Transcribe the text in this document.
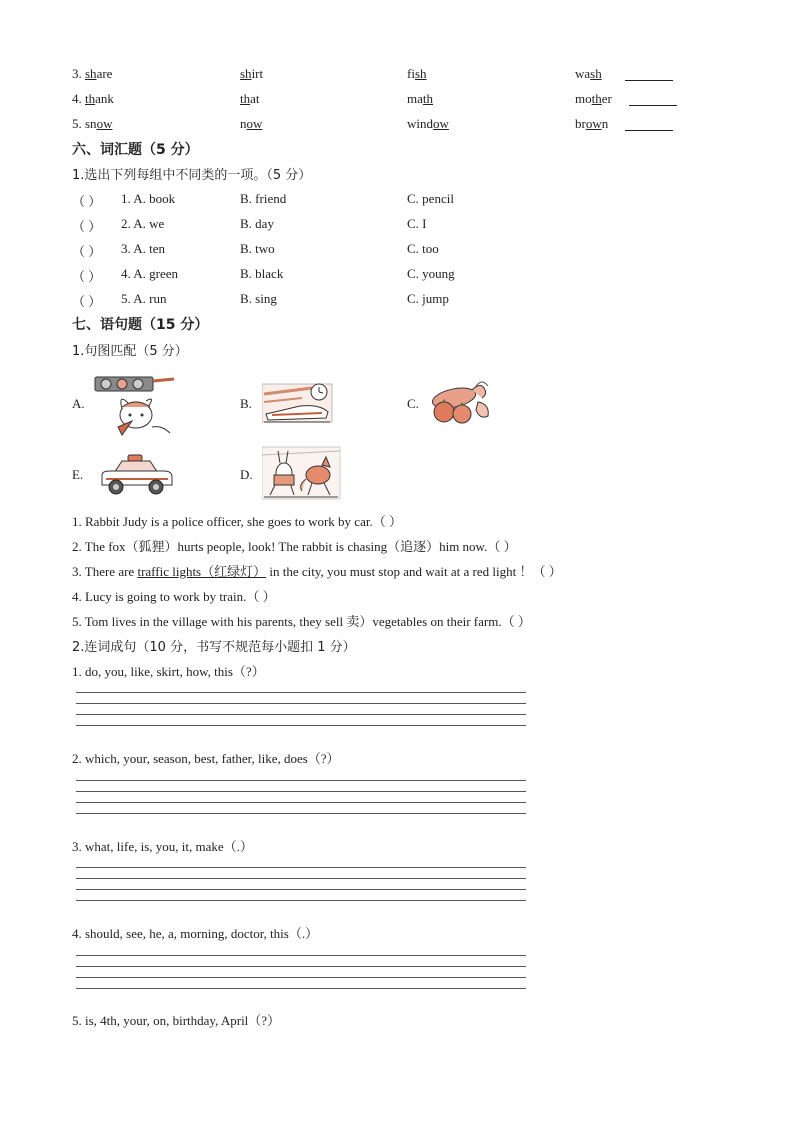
3. share	shirt	fish	wash
4. thank	that	math	mother
5. snow	now	window	brown
六、词汇题（5 分）
1.选出下列每组中不同类的一项。（5 分）
（ ） 1. A. book	B. friend	C. pencil
（ ） 2. A. we	B. day	C. I
（ ） 3. A. ten	B. two	C. too
（ ） 4. A. green	B. black	C. young
（ ） 5. A. run	B. sing	C. jump
七、语句题（15 分）
1.句图匹配（5 分）
A.	B.	C.
E.	D.
1. Rabbit Judy is a police officer, she goes to work by car.（ ）
2. The fox（狐狸）hurts people, look! The rabbit is chasing（追逐）him now.（ ）
3. There are traffic lights（红绿灯） in the city, you must stop and wait at a red light ！（ ）
4. Lucy is going to work by train.（ ）
5. Tom lives in the village with his parents, they sell 卖）vegetables on their farm.（ ）
2.连词成句（10 分，书写不规范每小题扣 1 分）
1. do, you, like, skirt, how, this（?）
2. which, your, season, best, father, like, does（?）
3. what, life, is, you, it, make（.）
4. should, see, he, a, morning, doctor, this（.）
5. is, 4th, your, on, birthday, April（?）
